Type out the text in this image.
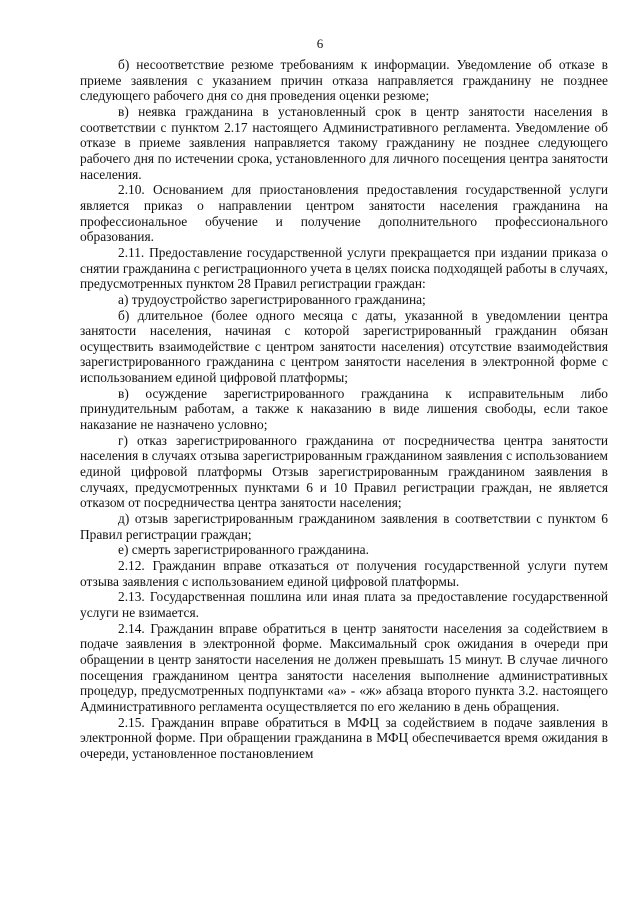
6

б) несоответствие резюме требованиям к информации. Уведомление об отказе в приеме заявления с указанием причин отказа направляется гражданину не позднее следующего рабочего дня со дня проведения оценки резюме;

в) неявка гражданина в установленный срок в центр занятости населения в соответствии с пунктом 2.17 настоящего Административного регламента. Уведомление об отказе в приеме заявления направляется такому гражданину не позднее следующего рабочего дня по истечении срока, установленного для личного посещения центра занятости населения.

2.10. Основанием для приостановления предоставления государственной услуги является приказ о направлении центром занятости населения гражданина на профессиональное обучение и получение дополнительного профессионального образования.

2.11. Предоставление государственной услуги прекращается при издании приказа о снятии гражданина с регистрационного учета в целях поиска подходящей работы в случаях, предусмотренных пунктом 28 Правил регистрации граждан:

а) трудоустройство зарегистрированного гражданина;

б) длительное (более одного месяца с даты, указанной в уведомлении центра занятости населения, начиная с которой зарегистрированный гражданин обязан осуществить взаимодействие с центром занятости населения) отсутствие взаимодействия зарегистрированного гражданина с центром занятости населения в электронной форме с использованием единой цифровой платформы;

в) осуждение зарегистрированного гражданина к исправительным либо принудительным работам, а также к наказанию в виде лишения свободы, если такое наказание не назначено условно;

г) отказ зарегистрированного гражданина от посредничества центра занятости населения в случаях отзыва зарегистрированным гражданином заявления с использованием единой цифровой платформы Отзыв зарегистрированным гражданином заявления в случаях, предусмотренных пунктами 6 и 10 Правил регистрации граждан, не является отказом от посредничества центра занятости населения;

д) отзыв зарегистрированным гражданином заявления в соответствии с пунктом 6 Правил регистрации граждан;

е) смерть зарегистрированного гражданина.

2.12. Гражданин вправе отказаться от получения государственной услуги путем отзыва заявления с использованием единой цифровой платформы.

2.13. Государственная пошлина или иная плата за предоставление государственной услуги не взимается.

2.14. Гражданин вправе обратиться в центр занятости населения за содействием в подаче заявления в электронной форме. Максимальный срок ожидания в очереди при обращении в центр занятости населения не должен превышать 15 минут. В случае личного посещения гражданином центра занятости населения выполнение административных процедур, предусмотренных подпунктами «а» - «ж» абзаца второго пункта 3.2. настоящего Административного регламента осуществляется по его желанию в день обращения.

2.15. Гражданин вправе обратиться в МФЦ за содействием в подаче заявления в электронной форме. При обращении гражданина в МФЦ обеспечивается время ожидания в очереди, установленное постановлением
